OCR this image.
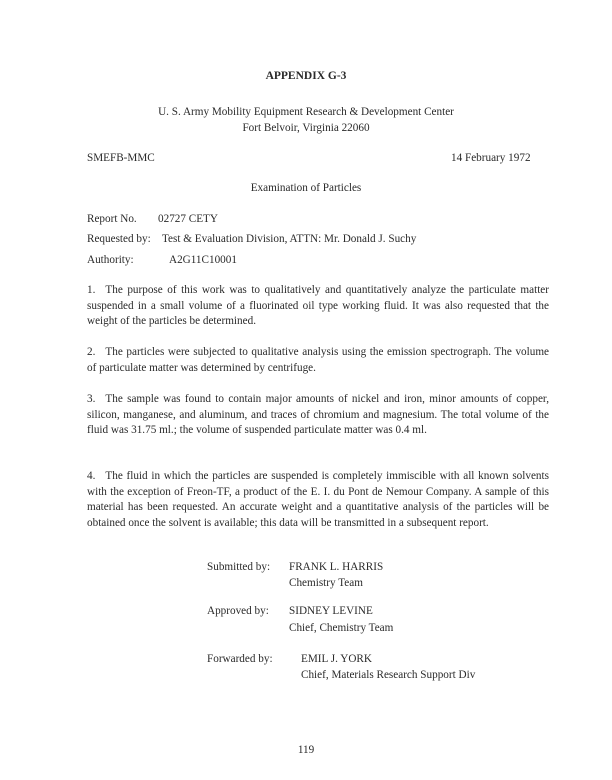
APPENDIX G-3
U. S. Army Mobility Equipment Research & Development Center
Fort Belvoir, Virginia 22060
SMEFB-MMC	14 February 1972
Examination of Particles
Report No. 02727 CETY
Requested by: Test & Evaluation Division, ATTN: Mr. Donald J. Suchy
Authority:	A2G11C10001
1. The purpose of this work was to qualitatively and quantitatively analyze the particulate matter suspended in a small volume of a fluorinated oil type working fluid. It was also requested that the weight of the particles be determined.
2. The particles were subjected to qualitative analysis using the emission spectrograph. The volume of particulate matter was determined by centrifuge.
3. The sample was found to contain major amounts of nickel and iron, minor amounts of copper, silicon, manganese, and aluminum, and traces of chromium and magnesium. The total volume of the fluid was 31.75 ml.; the volume of suspended particulate matter was 0.4 ml.
4. The fluid in which the particles are suspended is completely immiscible with all known solvents with the exception of Freon-TF, a product of the E. I. du Pont de Nemour Company. A sample of this material has been requested. An accurate weight and a quantitative analysis of the particles will be obtained once the solvent is available; this data will be transmitted in a subsequent report.
Submitted by: FRANK L. HARRIS
Chemistry Team
Approved by: SIDNEY LEVINE
Chief, Chemistry Team
Forwarded by:	EMIL J. YORK
Chief, Materials Research Support Div
119
